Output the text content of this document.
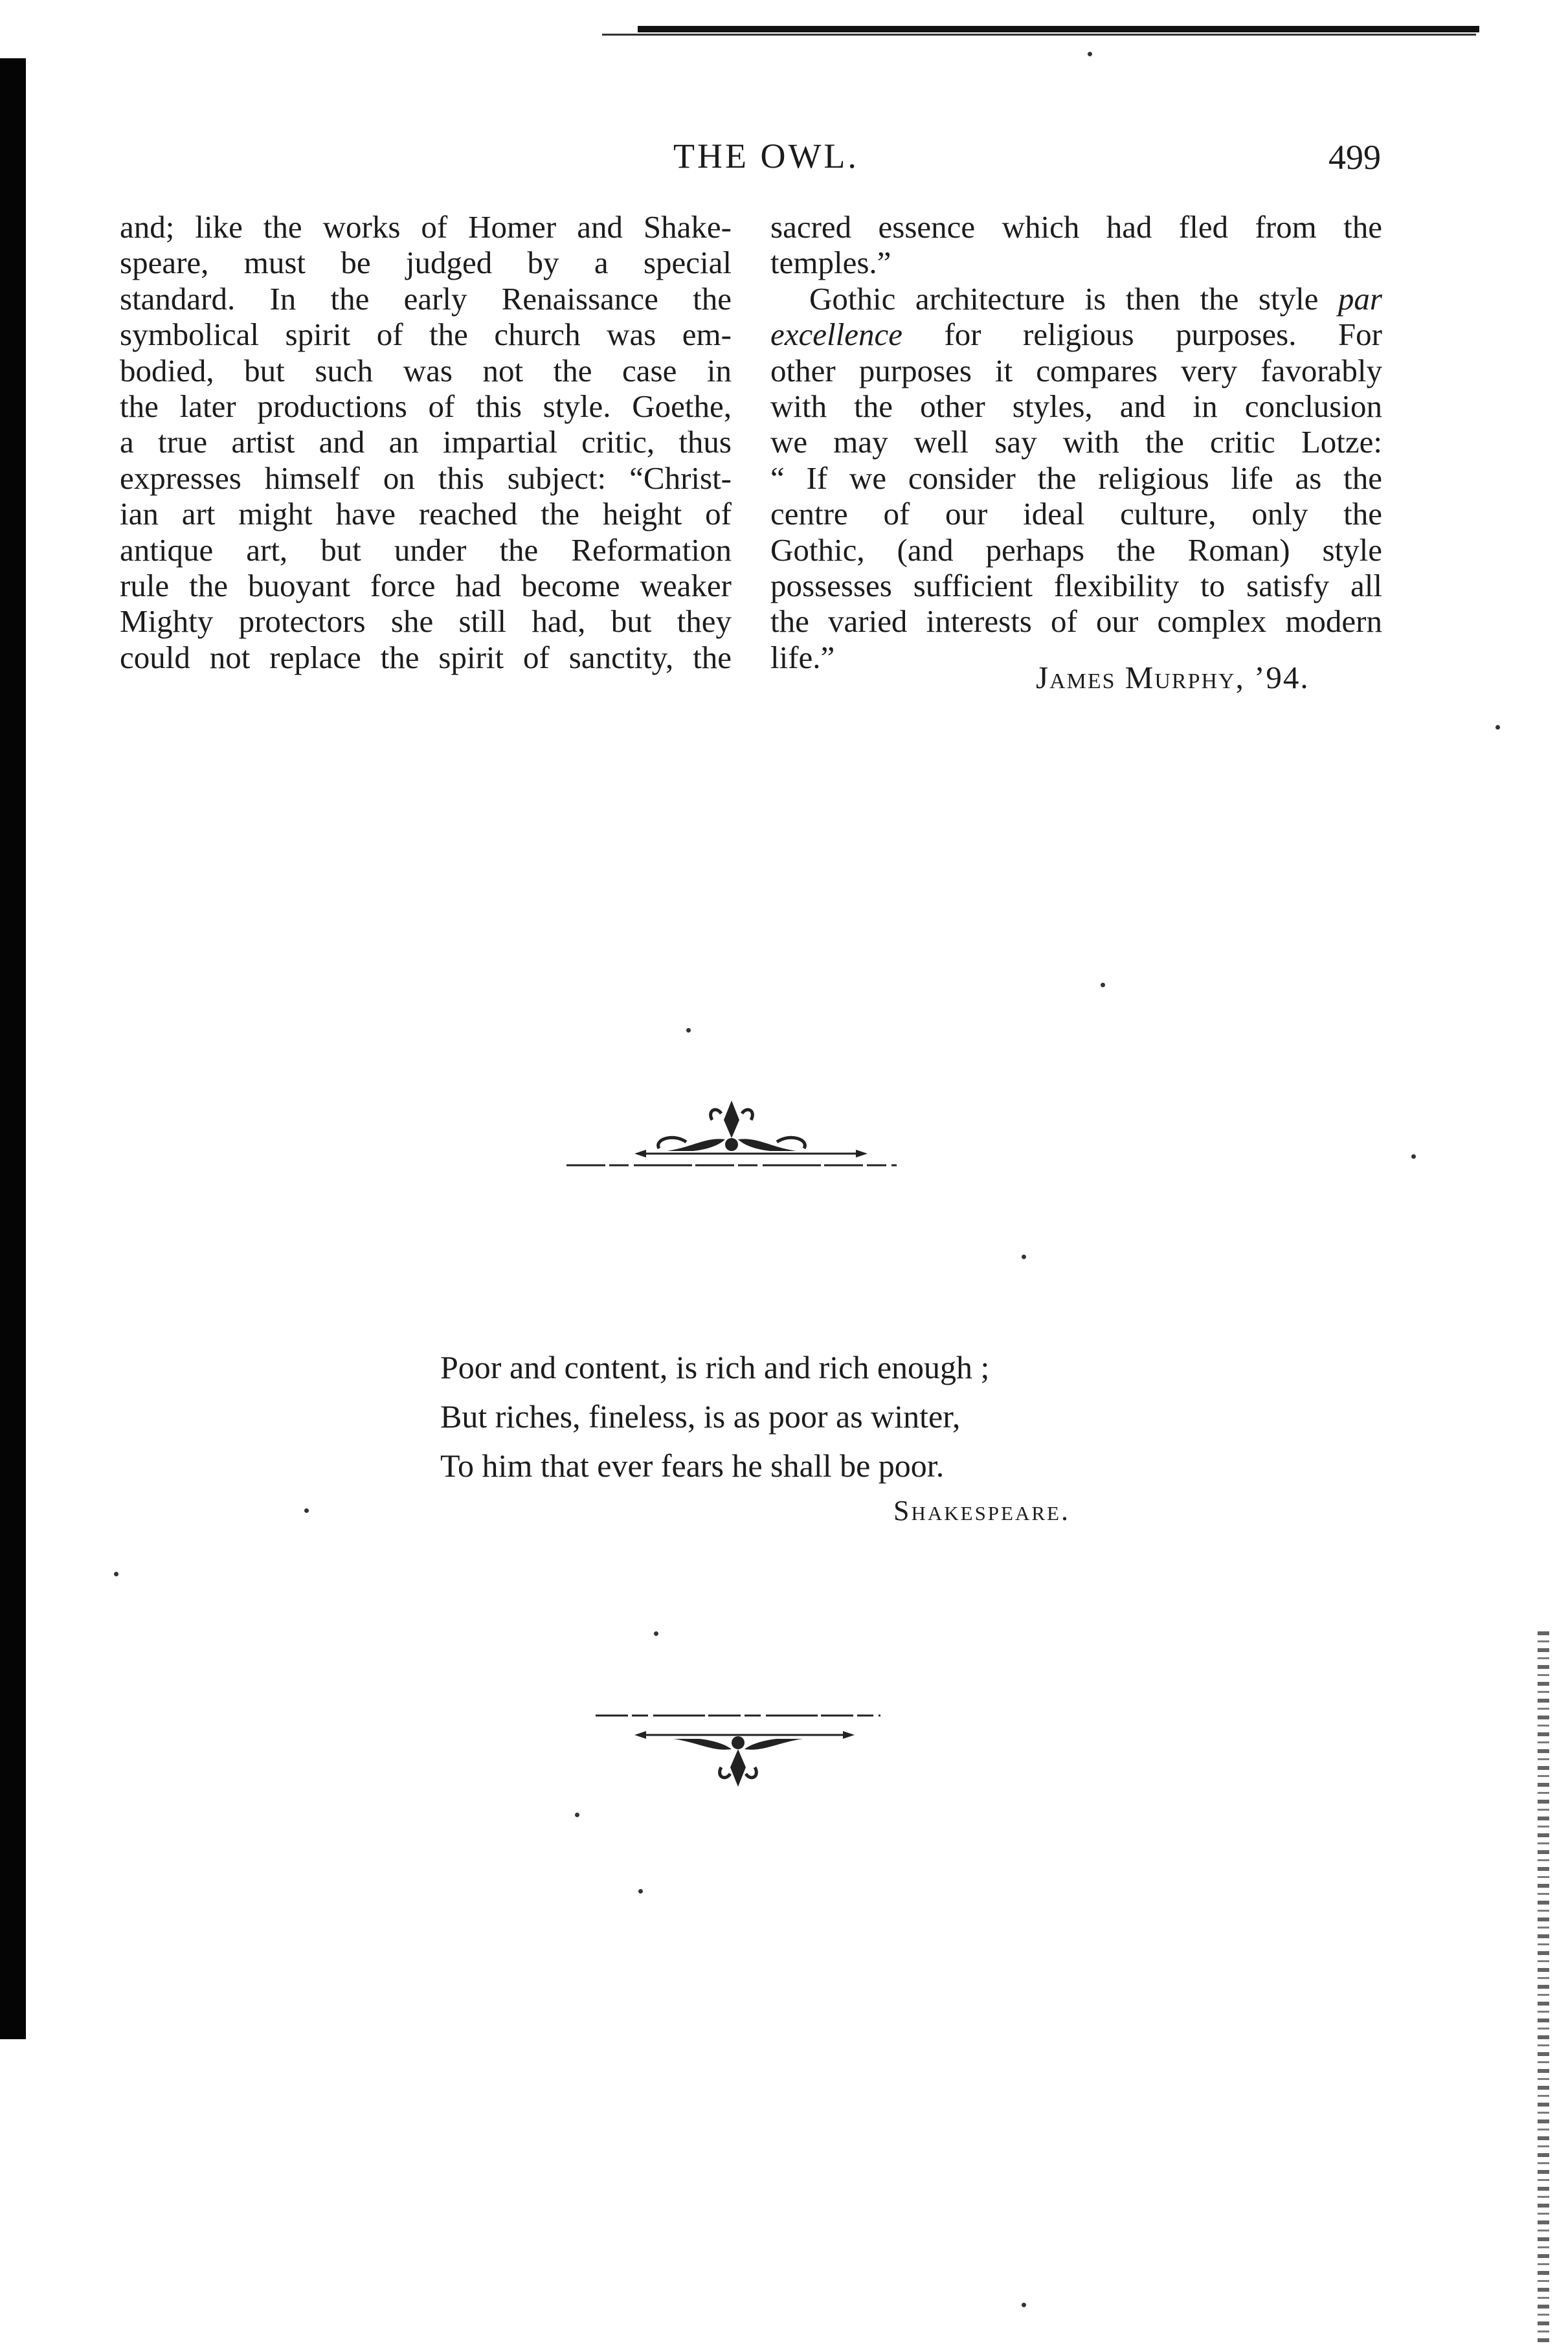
THE OWL.	499
and; like the works of Homer and Shake-
speare, must be judged by a special
standard. In the early Renaissance the
symbolical spirit of the church was em-
bodied, but such was not the case in
the later productions of this style. Goethe,
a true artist and an impartial critic, thus
expresses himself on this subject: “Christ-
ian art might have reached the height of
antique art, but under the Reformation
rule the buoyant force had become weaker
Mighty protectors she still had, but they
could not replace the spirit of sanctity, the
sacred essence which had fled from the
temples.”
Gothic architecture is then the style par
excellence for religious purposes. For
other purposes it compares very favorably
with the other styles, and in conclusion
we may well say with the critic Lotze:
“ If we consider the religious life as the
centre of our ideal culture, only the
Gothic, (and perhaps the Roman) style
possesses sufficient flexibility to satisfy all
the varied interests of our complex modern
life.”
James Murphy, ’94.
Poor and content, is rich and rich enough ;
But riches, fineless, is as poor as winter,
To him that ever fears he shall be poor.
Shakespeare.
